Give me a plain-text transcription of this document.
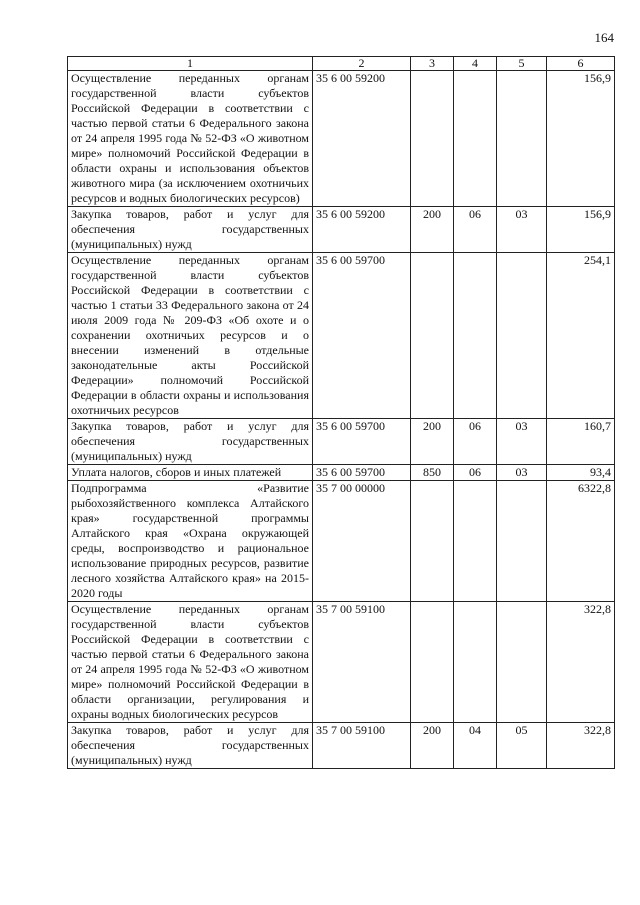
164
1	2	3	4	5	6
Осуществление переданных органам государственной власти субъектов Российской Федерации в соответствии с частью первой статьи 6 Федерального закона от 24 апреля 1995 года № 52-ФЗ «О животном мире» полномочий Российской Федерации в области охраны и использования объектов животного мира (за исключением охотничьих ресурсов и водных биологических ресурсов)	35 6 00 59200				156,9
Закупка товаров, работ и услуг для обеспечения государственных (муниципальных) нужд	35 6 00 59200	200	06	03	156,9
Осуществление переданных органам государственной власти субъектов Российской Федерации в соответствии с частью 1 статьи 33 Федерального закона от 24 июля 2009 года № 209-ФЗ «Об охоте и о сохранении охотничьих ресурсов и о внесении изменений в отдельные законодательные акты Российской Федерации» полномочий Российской Федерации в области охраны и использования охотничьих ресурсов	35 6 00 59700				254,1
Закупка товаров, работ и услуг для обеспечения государственных (муниципальных) нужд	35 6 00 59700	200	06	03	160,7
Уплата налогов, сборов и иных платежей	35 6 00 59700	850	06	03	93,4
Подпрограмма «Развитие рыбохозяйственного комплекса Алтайского края» государственной программы Алтайского края «Охрана окружающей среды, воспроизводство и рациональное использование природных ресурсов, развитие лесного хозяйства Алтайского края» на 2015-2020 годы	35 7 00 00000				6322,8
Осуществление переданных органам государственной власти субъектов Российской Федерации в соответствии с частью первой статьи 6 Федерального закона от 24 апреля 1995 года № 52-ФЗ «О животном мире» полномочий Российской Федерации в области организации, регулирования и охраны водных биологических ресурсов	35 7 00 59100				322,8
Закупка товаров, работ и услуг для обеспечения государственных (муниципальных) нужд	35 7 00 59100	200	04	05	322,8
